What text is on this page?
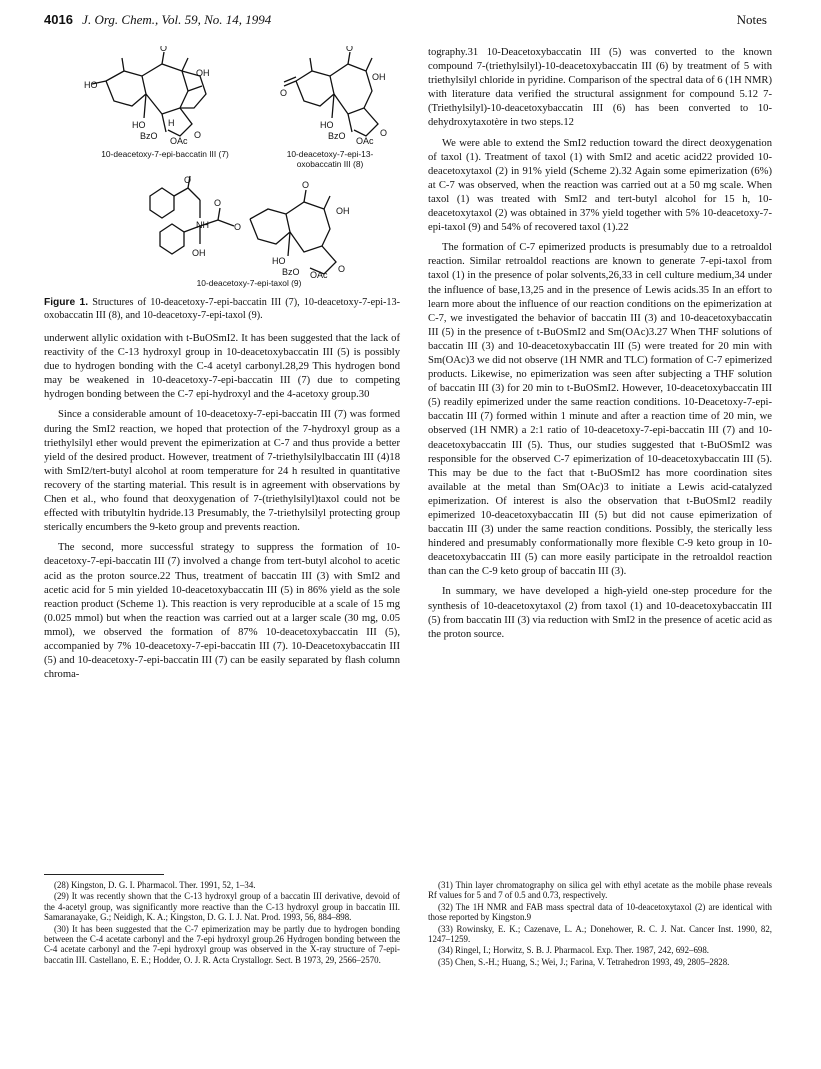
4016 J. Org. Chem., Vol. 59, No. 14, 1994	Notes
O
OH
HO
HO
BzO
H
OAc
O
10-deacetoxy-7-epi-baccatin III (7)
O
OH
O
HO
BzO OAc
O
10-deacetoxy-7-epi-13-oxobaccatin III (8)
O
NH
O
OH
O
O
OH
HO
BzO OAc
O
10-deacetoxy-7-epi-taxol (9)
Figure 1. Structures of 10-deacetoxy-7-epi-baccatin III (7), 10-deacetoxy-7-epi-13-oxobaccatin III (8), and 10-deacetoxy-7-epi-taxol (9).

underwent allylic oxidation with t-BuOSmI2. It has been suggested that the lack of reactivity of the C-13 hydroxyl group in 10-deacetoxybaccatin III (5) is possibly due to hydrogen bonding with the C-4 acetyl carbonyl.28,29 This hydrogen bond may be weakened in 10-deacetoxy-7-epi-baccatin III (7) due to competing hydrogen bonding between the C-7 epi-hydroxyl and the 4-acetoxy group.30

Since a considerable amount of 10-deacetoxy-7-epi-baccatin III (7) was formed during the SmI2 reaction, we hoped that protection of the 7-hydroxyl group as a triethylsilyl ether would prevent the epimerization at C-7 and thus provide a better yield of the desired product. However, treatment of 7-triethylsilylbaccatin III (4)18 with SmI2/tert-butyl alcohol at room temperature for 24 h resulted in quantitative recovery of the starting material. This result is in agreement with observations by Chen et al., who found that deoxygenation of 7-(triethylsilyl)taxol could not be effected with tributyltin hydride.13 Presumably, the 7-triethylsilyl protecting group sterically encumbers the 9-keto group and prevents reaction.

The second, more successful strategy to suppress the formation of 10-deacetoxy-7-epi-baccatin III (7) involved a change from tert-butyl alcohol to acetic acid as the proton source.22 Thus, treatment of baccatin III (3) with SmI2 and acetic acid for 5 min yielded 10-deacetoxybaccatin III (5) in 86% yield as the sole reaction product (Scheme 1). This reaction is very reproducible at a scale of 15 mg (0.025 mmol) but when the reaction was carried out at a larger scale (30 mg, 0.05 mmol), we observed the formation of 87% 10-deacetoxybaccatin III (5), accompanied by 7% 10-deacetoxy-7-epi-baccatin III (7). 10-Deacetoxybaccatin III (5) and 10-deacetoxy-7-epi-baccatin III (7) can be easily separated by flash column chroma-

tography.31 10-Deacetoxybaccatin III (5) was converted to the known compound 7-(triethylsilyl)-10-deacetoxybaccatin III (6) by treatment of 5 with triethylsilyl chloride in pyridine. Comparison of the spectral data of 6 (1H NMR) with literature data verified the structural assignment for compound 5.12 7-(Triethylsilyl)-10-deacetoxybaccatin III (6) has been converted to 10-dehydroxytaxotère in two steps.12

We were able to extend the SmI2 reduction toward the direct deoxygenation of taxol (1). Treatment of taxol (1) with SmI2 and acetic acid22 provided 10-deacetoxytaxol (2) in 91% yield (Scheme 2).32 Again some epimerization (6%) at C-7 was observed, when the reaction was carried out at a 50 mg scale. When taxol (1) was treated with SmI2 and tert-butyl alcohol for 15 h, 10-deacetoxytaxol (2) was obtained in 37% yield together with 5% 10-deacetoxy-7-epi-taxol (9) and 54% of recovered taxol (1).22

The formation of C-7 epimerized products is presumably due to a retroaldol reaction. Similar retroaldol reactions are known to generate 7-epi-taxol from taxol (1) in the presence of polar solvents,26,33 in cell culture medium,34 under the influence of base,13,25 and in the presence of Lewis acids.35 In an effort to learn more about the influence of our reaction conditions on the epimerization at C-7, we investigated the behavior of baccatin III (3) and 10-deacetoxybaccatin III (5) in the presence of t-BuOSmI2 and Sm(OAc)3.27 When THF solutions of baccatin III (3) and 10-deacetoxybaccatin III (5) were treated for 20 min with Sm(OAc)3 we did not observe (1H NMR and TLC) formation of C-7 epimerized products. Likewise, no epimerization was seen after subjecting a THF solution of baccatin III (3) for 20 min to t-BuOSmI2. However, 10-deacetoxybaccatin III (5) readily epimerized under the same reaction conditions. 10-Deacetoxy-7-epi-baccatin III (7) formed within 1 minute and after a reaction time of 20 min, we observed (1H NMR) a 2:1 ratio of 10-deacetoxy-7-epi-baccatin III (7) and 10-deacetoxybaccatin III (5). Thus, our studies suggested that t-BuOSmI2 was responsible for the observed C-7 epimerization of 10-deacetoxybaccatin III (5). This may be due to the fact that t-BuOSmI2 has more coordination sites available at the metal than Sm(OAc)3 to initiate a Lewis acid-catalyzed epimerization. Of interest is also the observation that t-BuOSmI2 readily epimerized 10-deacetoxybaccatin III (5) but did not cause epimerization of baccatin III (3) under the same reaction conditions. Possibly, the sterically less hindered and presumably conformationally more flexible C-9 keto group in 10-deacetoxybaccatin III (5) can more easily participate in the retroaldol reaction than can the C-9 keto group of baccatin III (3).

In summary, we have developed a high-yield one-step procedure for the synthesis of 10-deacetoxytaxol (2) from taxol (1) and 10-deacetoxybaccatin III (5) from baccatin III (3) via reduction with SmI2 in the presence of acetic acid as the proton source.

(28) Kingston, D. G. I. Pharmacol. Ther. 1991, 52, 1–34.

(29) It was recently shown that the C-13 hydroxyl group of a baccatin III derivative, devoid of the 4-acetyl group, was significantly more reactive than the C-13 hydroxyl group in baccatin III. Samaranayake, G.; Neidigh, K. A.; Kingston, D. G. I. J. Nat. Prod. 1993, 56, 884–898.

(30) It has been suggested that the C-7 epimerization may be partly due to hydrogen bonding between the C-4 acetate carbonyl and the 7-epi hydroxyl group.26 Hydrogen bonding between the C-4 acetate carbonyl and the 7-epi hydroxyl group was observed in the X-ray structure of 7-epi-baccatin III. Castellano, E. E.; Hodder, O. J. R. Acta Crystallogr. Sect. B 1973, 29, 2566–2570.

(31) Thin layer chromatography on silica gel with ethyl acetate as the mobile phase reveals Rf values for 5 and 7 of 0.5 and 0.73, respectively.

(32) The 1H NMR and FAB mass spectral data of 10-deacetoxytaxol (2) are identical with those reported by Kingston.9

(33) Rowinsky, E. K.; Cazenave, L. A.; Donehower, R. C. J. Nat. Cancer Inst. 1990, 82, 1247–1259.

(34) Ringel, I.; Horwitz, S. B. J. Pharmacol. Exp. Ther. 1987, 242, 692–698.

(35) Chen, S.-H.; Huang, S.; Wei, J.; Farina, V. Tetrahedron 1993, 49, 2805–2828.
